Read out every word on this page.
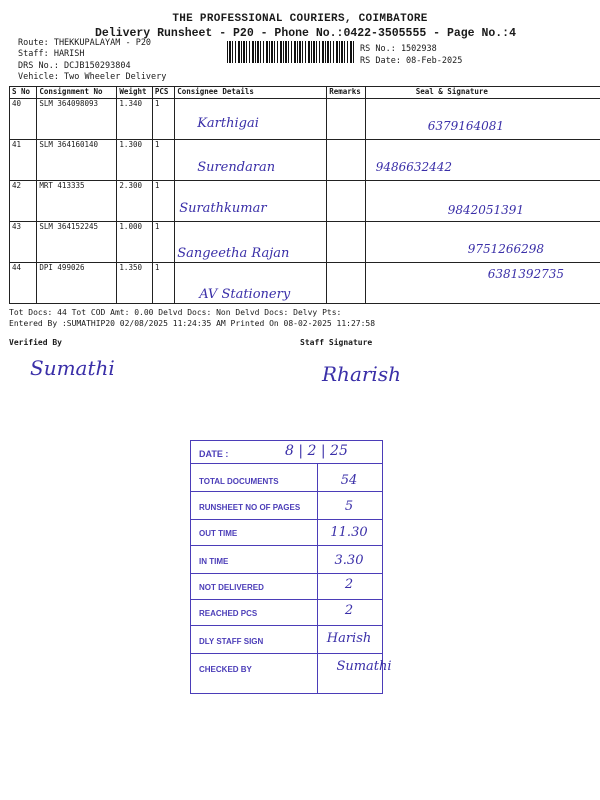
THE PROFESSIONAL COURIERS, COIMBATORE
Delivery Runsheet - P20 - Phone No.:0422-3505555 - Page No.:4
Route: THEKKUPALAYAM - P20
Staff: HARISH
DRS No.: DCJB150293804
Vehicle: Two Wheeler Delivery
RS No.: 1502938
RS Date: 08-Feb-2025
S No	Consignment No	Weight	PCS	Consignee Details	Remarks	Seal & Signature
40	SLM 364098093	1.340	1	Karthigai		6379164081
41	SLM 364160140	1.300	1	Surendaran		9486632442
42	MRT 413335	2.300	1	Surathkumar		9842051391
43	SLM 364152245	1.000	1	Sangeetha Rajan		9751266298
44	DPI 499026	1.350	1	AV Stationery		6381392735
Tot Docs: 44 Tot COD Amt: 0.00 Delvd Docs: Non Delvd Docs: Delvy Pts:
Entered By :SUMATHIP20 02/08/2025 11:24:35 AM Printed On 08-02-2025 11:27:58
Verified By	Staff Signature
Sumathi	Rharish
DATE :	8 | 2 | 25
TOTAL DOCUMENTS	54
RUNSHEET NO OF PAGES	5
OUT TIME	11.30
IN TIME	3.30
NOT DELIVERED	2
REACHED PCS	2
DLY STAFF SIGN	Harish
CHECKED BY	Sumathi
